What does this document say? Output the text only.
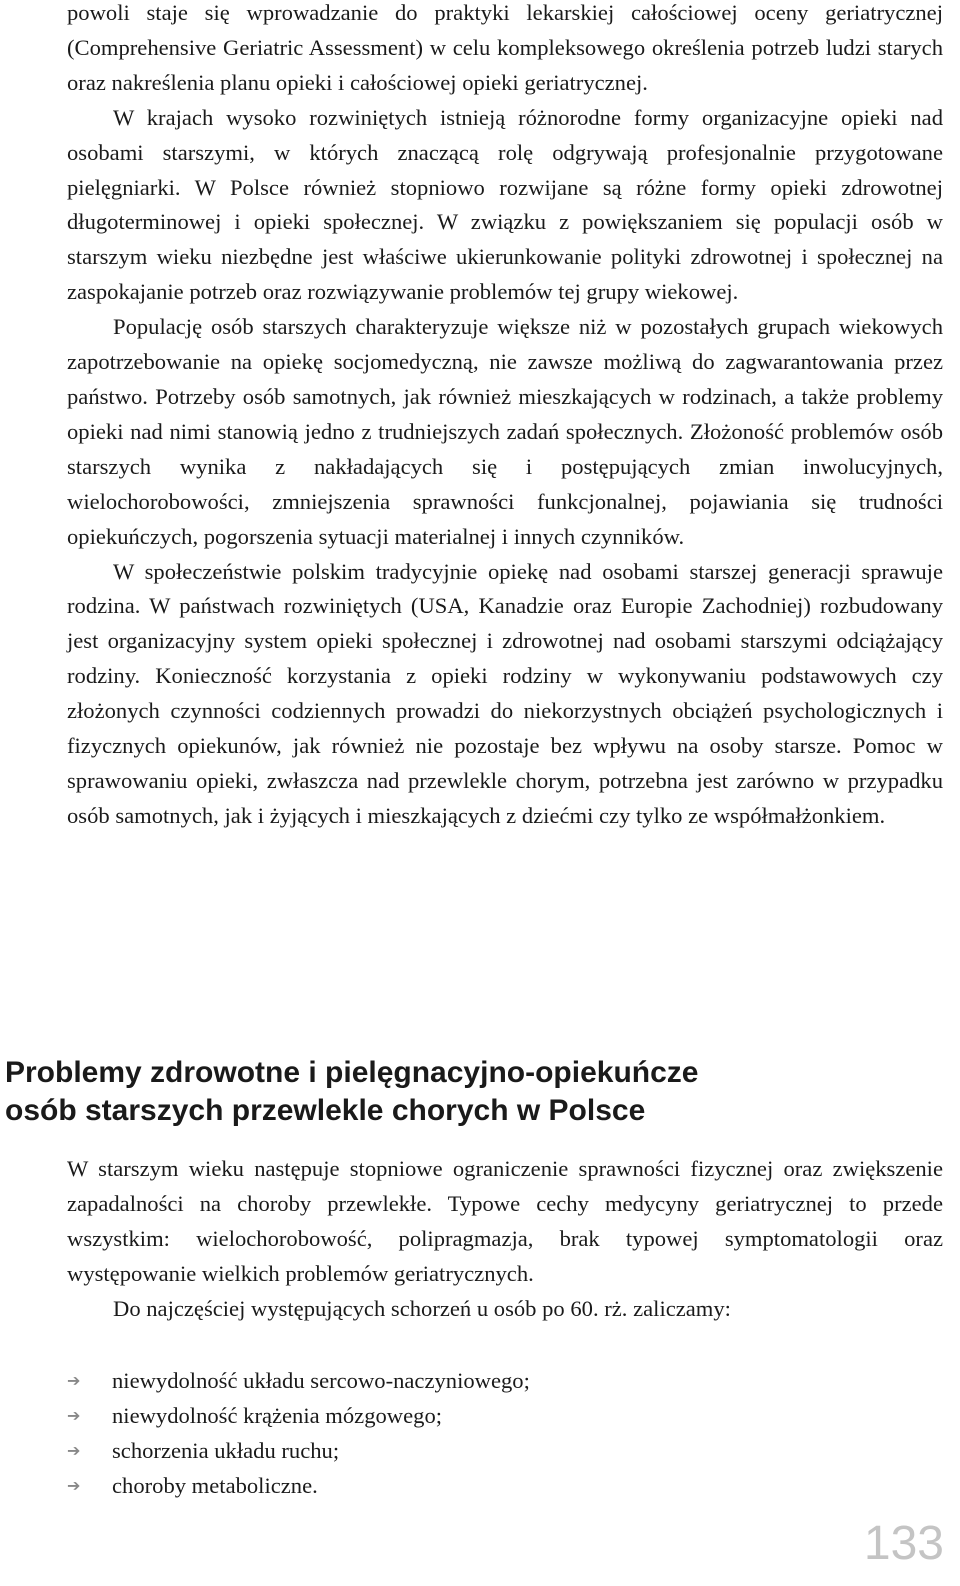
powoli staje się wprowadzanie do praktyki lekarskiej całościowej oceny geriatrycznej (Comprehensive Geriatric Assessment) w celu kompleksowego określenia potrzeb ludzi starych oraz nakreślenia planu opieki i całościowej opieki geriatrycznej.

W krajach wysoko rozwiniętych istnieją różnorodne formy organizacyjne opieki nad osobami starszymi, w których znaczącą rolę odgrywają profesjonalnie przygotowane pielęgniarki. W Polsce również stopniowo rozwijane są różne formy opieki zdrowotnej długoterminowej i opieki społecznej. W związku z powiększaniem się populacji osób w starszym wieku niezbędne jest właściwe ukierunkowanie polityki zdrowotnej i społecznej na zaspokajanie potrzeb oraz rozwiązywanie problemów tej grupy wiekowej.

Populację osób starszych charakteryzuje większe niż w pozostałych grupach wiekowych zapotrzebowanie na opiekę socjomedyczną, nie zawsze możliwą do zagwarantowania przez państwo. Potrzeby osób samotnych, jak również mieszkających w rodzinach, a także problemy opieki nad nimi stanowią jedno z trudniejszych zadań społecznych. Złożoność problemów osób starszych wynika z nakładających się i postępujących zmian inwolucyjnych, wielochorobowości, zmniejszenia sprawności funkcjonalnej, pojawiania się trudności opiekuńczych, pogorszenia sytuacji materialnej i innych czynników.

W społeczeństwie polskim tradycyjnie opiekę nad osobami starszej generacji sprawuje rodzina. W państwach rozwiniętych (USA, Kanadzie oraz Europie Zachodniej) rozbudowany jest organizacyjny system opieki społecznej i zdrowotnej nad osobami starszymi odciążający rodziny. Konieczność korzystania z opieki rodziny w wykonywaniu podstawowych czy złożonych czynności codziennych prowadzi do niekorzystnych obciążeń psychologicznych i fizycznych opiekunów, jak również nie pozostaje bez wpływu na osoby starsze. Pomoc w sprawowaniu opieki, zwłaszcza nad przewlekle chorym, potrzebna jest zarówno w przypadku osób samotnych, jak i żyjących i mieszkających z dziećmi czy tylko ze współmałżonkiem.

Problemy zdrowotne i pielęgnacyjno-opiekuńcze
osób starszych przewlekle chorych w Polsce

W starszym wieku następuje stopniowe ograniczenie sprawności fizycznej oraz zwiększenie zapadalności na choroby przewlekłe. Typowe cechy medycyny geriatrycznej to przede wszystkim: wielochorobowość, polipragmazja, brak typowej symptomatologii oraz występowanie wielkich problemów geriatrycznych.

Do najczęściej występujących schorzeń u osób po 60. rż. zaliczamy:

➔ niewydolność układu sercowo-naczyniowego;
➔ niewydolność krążenia mózgowego;
➔ schorzenia układu ruchu;
➔ choroby metaboliczne.
133
